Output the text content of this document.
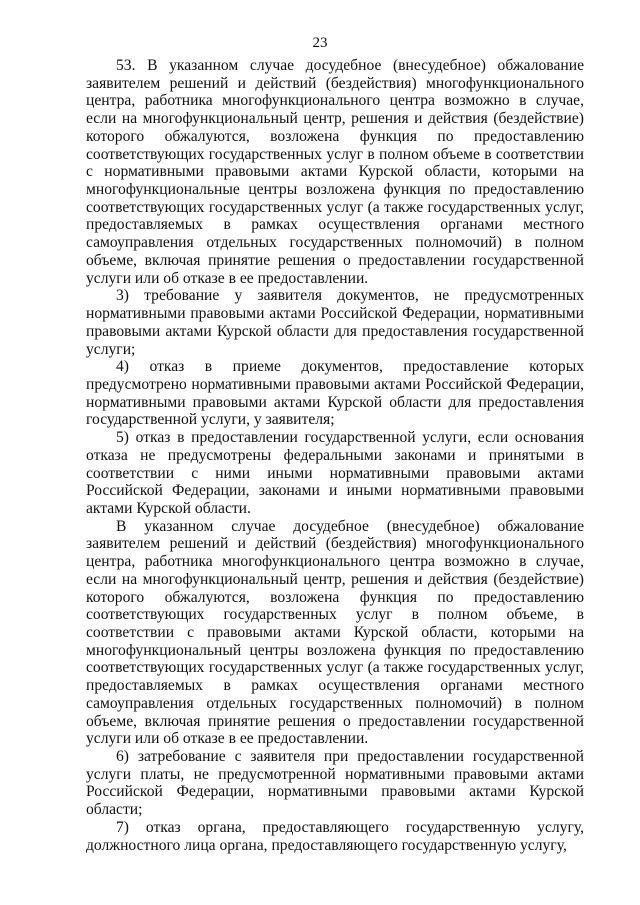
23

53. В указанном случае досудебное (внесудебное) обжалование заявителем решений и действий (бездействия) многофункционального центра, работника многофункционального центра возможно в случае, если на многофункциональный центр, решения и действия (бездействие) которого обжалуются, возложена функция по предоставлению соответствующих государственных услуг в полном объеме в соответствии с нормативными правовыми актами Курской области, которыми на многофункциональные центры возложена функция по предоставлению соответствующих государственных услуг (а также государственных услуг, предоставляемых в рамках осуществления органами местного самоуправления отдельных государственных полномочий) в полном объеме, включая принятие решения о предоставлении государственной услуги или об отказе в ее предоставлении.

3) требование у заявителя документов, не предусмотренных нормативными правовыми актами Российской Федерации, нормативными правовыми актами Курской области для предоставления государственной услуги;

4) отказ в приеме документов, предоставление которых предусмотрено нормативными правовыми актами Российской Федерации, нормативными правовыми актами Курской области для предоставления государственной услуги, у заявителя;

5) отказ в предоставлении государственной услуги, если основания отказа не предусмотрены федеральными законами и принятыми в соответствии с ними иными нормативными правовыми актами Российской Федерации, законами и иными нормативными правовыми актами Курской области.

В указанном случае досудебное (внесудебное) обжалование заявителем решений и действий (бездействия) многофункционального центра, работника многофункционального центра возможно в случае, если на многофункциональный центр, решения и действия (бездействие) которого обжалуются, возложена функция по предоставлению соответствующих государственных услуг в полном объеме, в соответствии с правовыми актами Курской области, которыми на многофункциональный центры возложена функция по предоставлению соответствующих государственных услуг (а также государственных услуг, предоставляемых в рамках осуществления органами местного самоуправления отдельных государственных полномочий) в полном объеме, включая принятие решения о предоставлении государственной услуги или об отказе в ее предоставлении.

6) затребование с заявителя при предоставлении государственной услуги платы, не предусмотренной нормативными правовыми актами Российской Федерации, нормативными правовыми актами Курской области;

7) отказ органа, предоставляющего государственную услугу, должностного лица органа, предоставляющего государственную услугу,
